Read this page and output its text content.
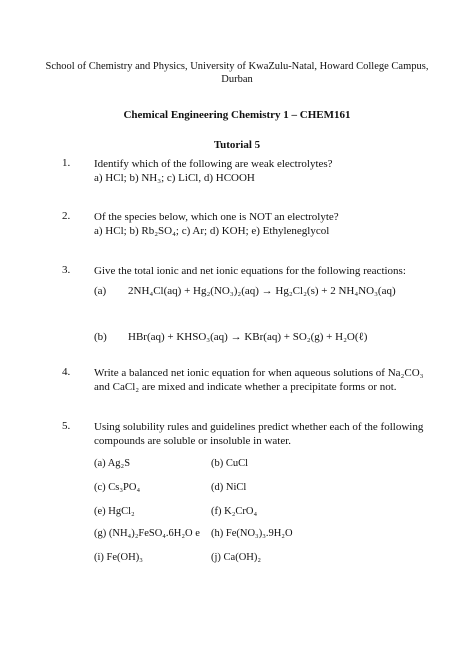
School of Chemistry and Physics, University of KwaZulu-Natal, Howard College Campus,
Durban
Chemical Engineering Chemistry 1 – CHEM161
Tutorial 5
1. Identify which of the following are weak electrolytes?
a) HCl; b) NH₃; c) LiCl, d) HCOOH
2. Of the species below, which one is NOT an electrolyte?
a) HCl; b) Rb₂SO₄; c) Ar; d) KOH; e) Ethyleneglycol
3. Give the total ionic and net ionic equations for the following reactions:
(a) 2NH₄Cl(aq) + Hg₂(NO₃)₂(aq) → Hg₂Cl₂(s) + 2 NH₄NO₃(aq)
(b) HBr(aq) + KHSO₃(aq) → KBr(aq) + SO₂(g) + H₂O(ℓ)
4. Write a balanced net ionic equation for when aqueous solutions of Na₂CO₃
and CaCl₂ are mixed and indicate whether a precipitate forms or not.
5. Using solubility rules and guidelines predict whether each of the following
compounds are soluble or insoluble in water.
(a) Ag₂S	(b) CuCl
(c) Cs₃PO₄	(d) NiCl
(e) HgCl₂	(f) K₂CrO₄
(g) (NH₄)₂FeSO₄.6H₂O e (h) Fe(NO₃)₃.9H₂O
(i) Fe(OH)₃	(j) Ca(OH)₂
